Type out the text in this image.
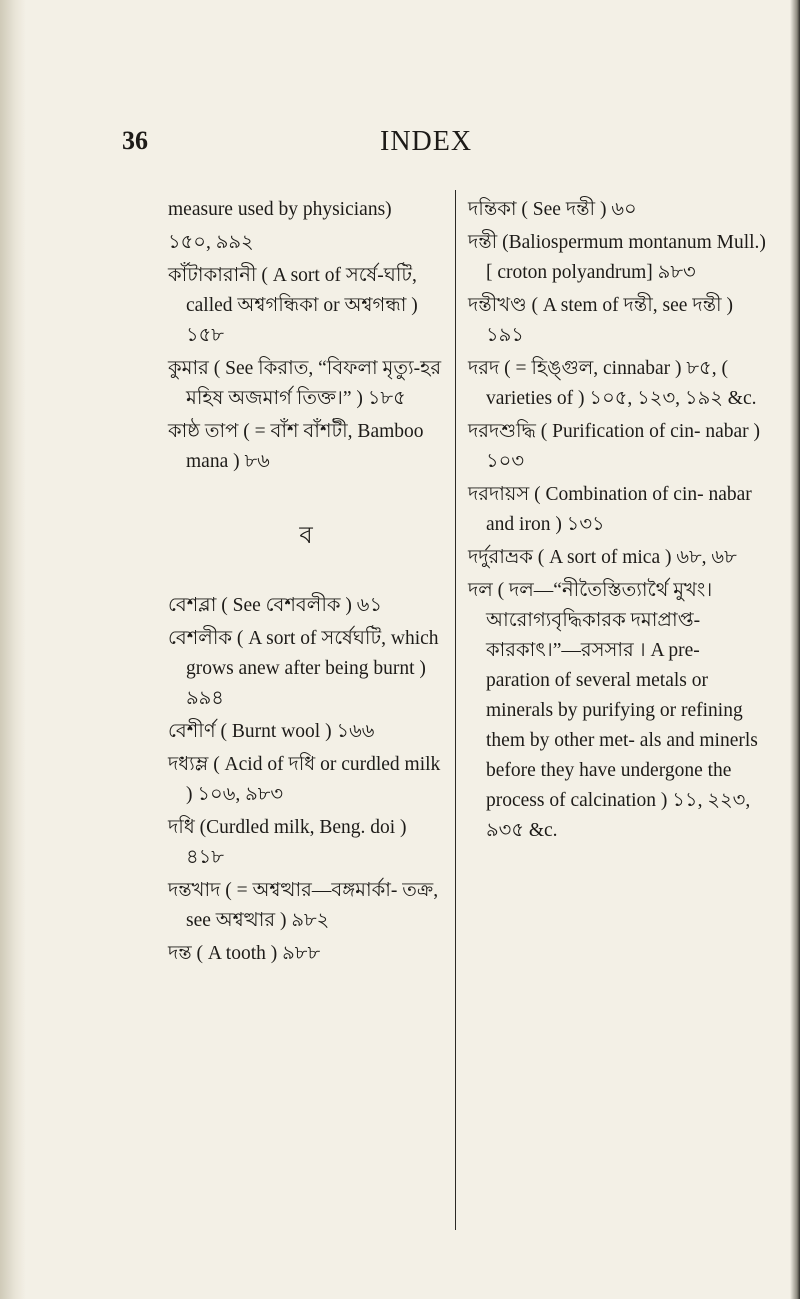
36	INDEX

measure used by physicians)

১৫০, ৯৯২

কাঁটাকারানী ( A sort of সর্ষে-ঘটি, called অশ্বগন্ধিকা or অশ্বগন্ধা ) ১৫৮

কুমার ( See কিরাত, “বিফলা মৃত্যু-হর মহিষ অজমার্গ তিক্ত।” ) ১৮৫

কাষ্ঠ তাপ ( = বাঁশ বাঁশটী, Bamboo mana ) ৮৬

ব

বেশব্লা ( See বেশবলীক ) ৬১

বেশলীক ( A sort of সর্ষেঘটি, which grows anew after being burnt ) ৯৯৪

বেশীর্ণ ( Burnt wool ) ১৬৬

দধ্যম্ল ( Acid of দধি or curdled milk ) ১০৬, ৯৮৩

দধি (Curdled milk, Beng. doi ) ৪১৮

দন্তখাদ ( = অশ্বত্থার—বঙ্গমার্কা- তক্ৰ, see অশ্বত্থার ) ৯৮২

দন্ত ( A tooth ) ৯৮৮

দন্তিকা ( See দন্তী ) ৬০

দন্তী (Baliospermum montanum Mull.) [ croton polyandrum] ৯৮৩

দন্তীখণ্ড ( A stem of দন্তী, see দন্তী ) ১৯১

দরদ ( = হিঙ্গুল, cinnabar ) ৮৫, ( varieties of ) ১০৫, ১২৩, ১৯২ &c.

দরদশুদ্ধি ( Purification of cin- nabar ) ১০৩

দরদায়স ( Combination of cin- nabar and iron ) ১৩১

দর্দুরাভ্রক ( A sort of mica ) ৬৮, ৬৮

দল ( দল—“নীতৈস্তিত্যার্থৈ মুখং। আরোগ্যবৃদ্ধিকারক দমাপ্রাপ্ত- কারকাৎ।”—রসসার । A pre- paration of several metals or minerals by purifying or refining them by other met- als and minerls before they have undergone the process of calcination ) ১১, ২২৩, ৯৩৫ &c.
